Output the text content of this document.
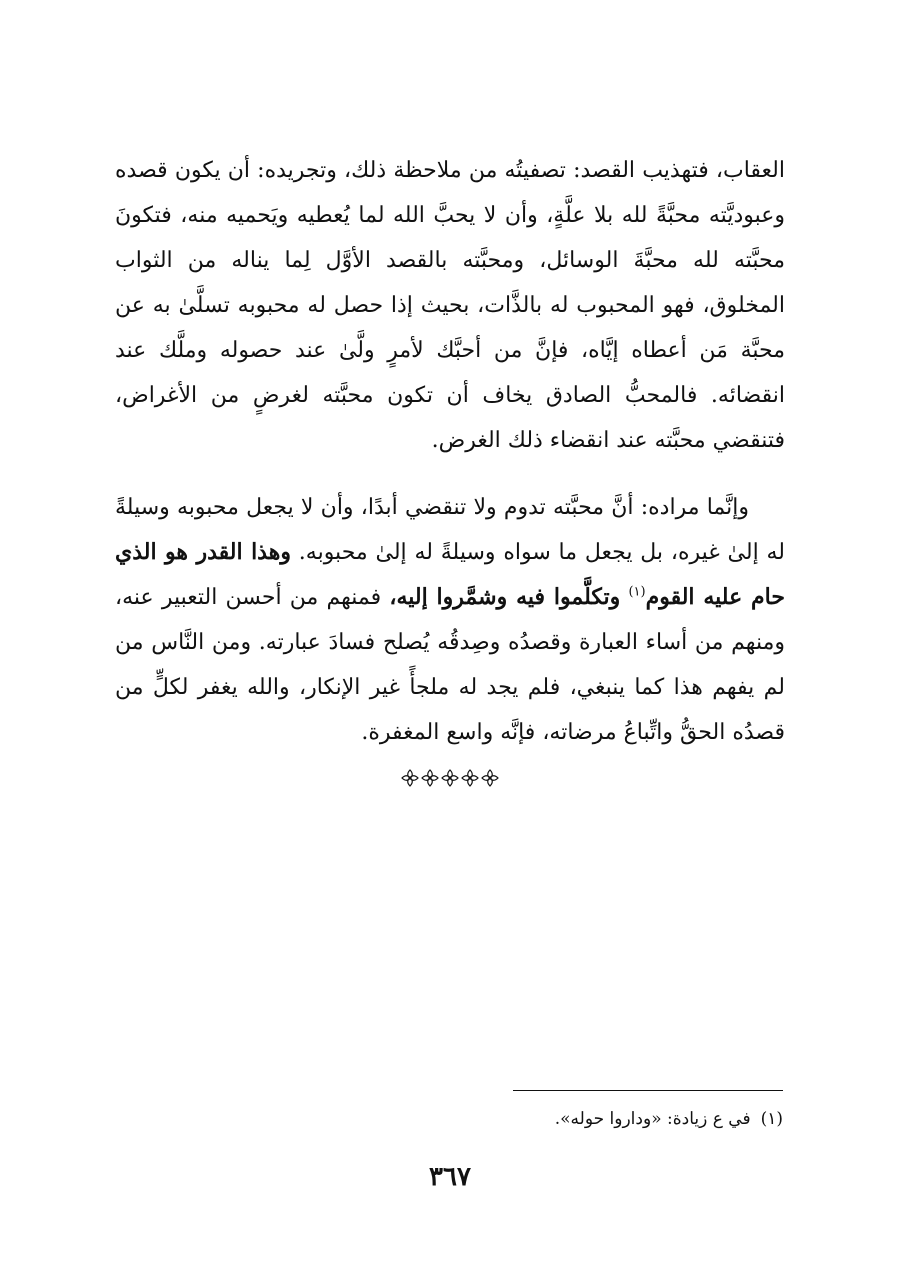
العقاب، فتهذيب القصد: تصفيتُه من ملاحظة ذلك، وتجريده: أن يكون قصده وعبوديَّته محبَّةً لله بلا علَّةٍ، وأن لا يحبَّ الله لما يُعطيه ويَحميه منه، فتكونَ محبَّته لله محبَّةَ الوسائل، ومحبَّته بالقصد الأوَّل لِما يناله من الثواب المخلوق، فهو المحبوب له بالذَّات، بحيث إذا حصل له محبوبه تسلَّىٰ به عن محبَّة مَن أعطاه إيَّاه، فإنَّ من أحبَّك لأمرٍ ولَّىٰ عند حصوله وملَّك عند انقضائه. فالمحبُّ الصادق يخاف أن تكون محبَّته لغرضٍ من الأغراض، فتنقضي محبَّته عند انقضاء ذلك الغرض.
وإنَّما مراده: أنَّ محبَّته تدوم ولا تنقضي أبدًا، وأن لا يجعل محبوبه وسيلةً له إلىٰ غيره، بل يجعل ما سواه وسيلةً له إلىٰ محبوبه. وهذا القدر هو الذي حام عليه القوم$^{(١)}$ وتكلَّموا فيه وشمَّروا إليه، فمنهم من أحسن التعبير عنه، ومنهم من أساء العبارة وقصدُه وصِدقُه يُصلح فسادَ عبارته. ومن النَّاس من لم يفهم هذا كما ينبغي، فلم يجد له ملجأً غير الإنكار، والله يغفر لكلٍّ من قصدُه الحقُّ واتِّباعُ مرضاته، فإنَّه واسع المغفرة.
(١)في ع زيادة: «وداروا حوله».
٣٦٧
